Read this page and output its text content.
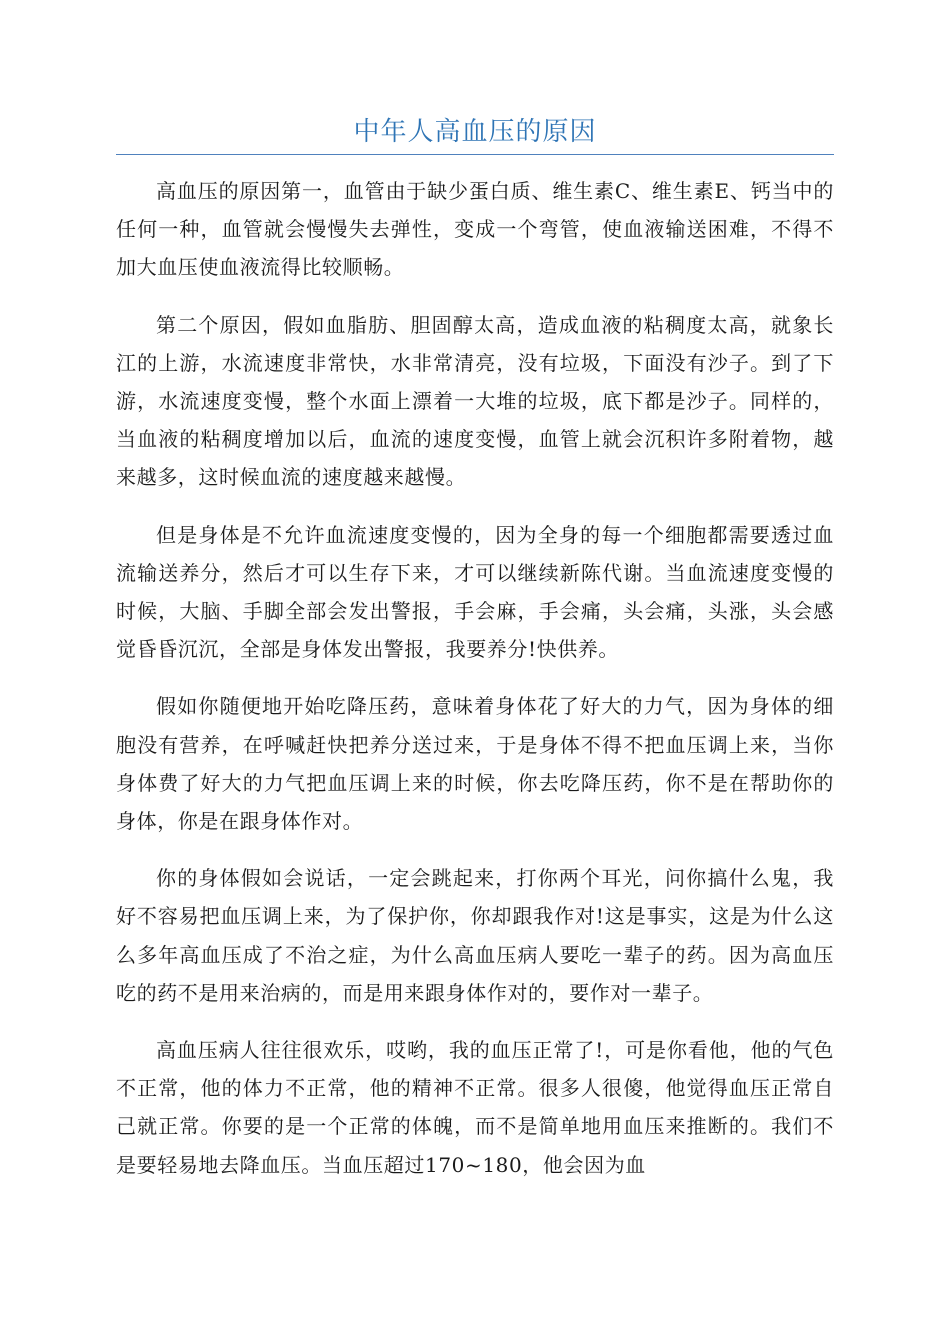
中年人高血压的原因

高血压的原因第一，血管由于缺少蛋白质、维生素C、维生素E、钙当中的任何一种，血管就会慢慢失去弹性，变成一个弯管，使血液输送困难，不得不加大血压使血液流得比较顺畅。

第二个原因，假如血脂肪、胆固醇太高，造成血液的粘稠度太高，就象长江的上游，水流速度非常快，水非常清亮，没有垃圾，下面没有沙子。到了下游，水流速度变慢，整个水面上漂着一大堆的垃圾，底下都是沙子。同样的，当血液的粘稠度增加以后，血流的速度变慢，血管上就会沉积许多附着物，越来越多，这时候血流的速度越来越慢。

但是身体是不允许血流速度变慢的，因为全身的每一个细胞都需要透过血流输送养分，然后才可以生存下来，才可以继续新陈代谢。当血流速度变慢的时候，大脑、手脚全部会发出警报，手会麻，手会痛，头会痛，头涨，头会感觉昏昏沉沉，全部是身体发出警报，我要养分!快供养。

假如你随便地开始吃降压药，意味着身体花了好大的力气，因为身体的细胞没有营养，在呼喊赶快把养分送过来，于是身体不得不把血压调上来，当你身体费了好大的力气把血压调上来的时候，你去吃降压药，你不是在帮助你的身体，你是在跟身体作对。

你的身体假如会说话，一定会跳起来，打你两个耳光，问你搞什么鬼，我好不容易把血压调上来，为了保护你，你却跟我作对!这是事实，这是为什么这么多年高血压成了不治之症，为什么高血压病人要吃一辈子的药。因为高血压吃的药不是用来治病的，而是用来跟身体作对的，要作对一辈子。

高血压病人往往很欢乐，哎哟，我的血压正常了!，可是你看他，他的气色不正常，他的体力不正常，他的精神不正常。很多人很傻，他觉得血压正常自己就正常。你要的是一个正常的体魄，而不是简单地用血压来推断的。我们不是要轻易地去降血压。当血压超过170~180，他会因为血
